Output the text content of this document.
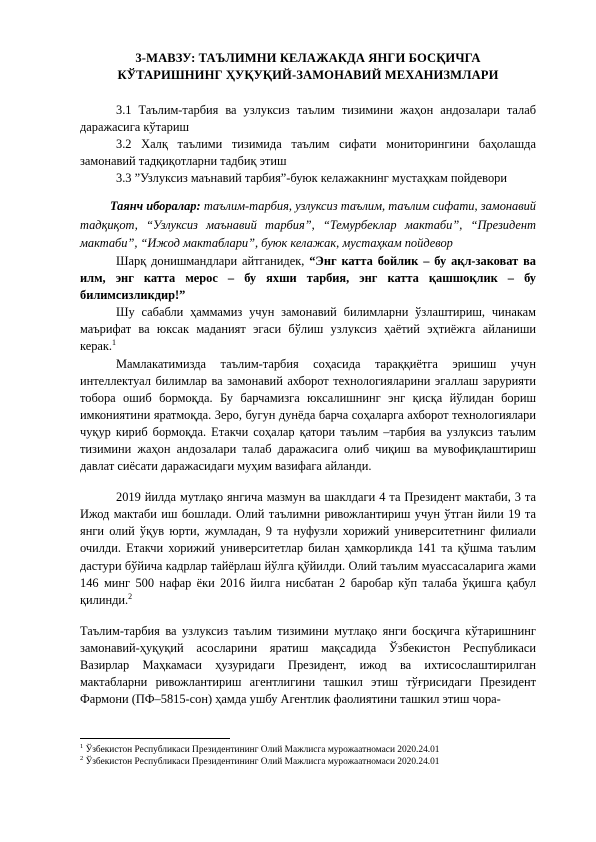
3-МАВЗУ: ТАЪЛИМНИ КЕЛАЖАКДА ЯНГИ БОСҚИЧГА
КЎТАРИШНИНГ ҲУҚУҚИЙ-ЗАМОНАВИЙ МЕХАНИЗМЛАРИ

3.1 Таълим-тарбия ва узлуксиз таълим тизимини жаҳон андозалари талаб даражасига кўтариш

3.2 Халқ таълими тизимида таълим сифати мониторингини баҳолашда замонавий тадқиқотларни тадбиқ этиш

3.3 ”Узлуксиз маънавий тарбия”-буюк келажакнинг мустаҳкам пойдевори

Таянч иборалар: таълим-тарбия, узлуксиз таълим, таълим сифати, замонавий тадқиқот, “Узлуксиз маънавий тарбия”, “Темурбеклар мактаби”, “Президент мактаби”, “Ижод мактаблари”, буюк келажак, мустаҳкам пойдевор

Шарқ донишмандлари айтганидек, “Энг катта бойлик – бу ақл-заковат ва илм, энг катта мерос – бу яхши тарбия, энг катта қашшоқлик – бу билимсизликдир!”

Шу сабабли ҳаммамиз учун замонавий билимларни ўзлаштириш, чинакам маърифат ва юксак маданият эгаси бўлиш узлуксиз ҳаётий эҳтиёжга айланиши керак.$^1$

Мамлакатимизда таълим-тарбия соҳасида тараққиётга эришиш учун интеллектуал билимлар ва замонавий ахборот технологияларини эгаллаш зарурияти тобора ошиб бормоқда. Бу барчамизга юксалишнинг энг қисқа йўлидан бориш имкониятини яратмоқда. Зеро, бугун дунёда барча соҳаларга ахборот технологиялари чуқур кириб бормоқда. Етакчи соҳалар қатори таълим –тарбия ва узлуксиз таълим тизимини жаҳон андозалари талаб даражасига олиб чиқиш ва мувофиқлаштириш давлат сиёсати даражасидаги муҳим вазифага айланди.

2019 йилда мутлақо янгича мазмун ва шаклдаги 4 та Президент мактаби, 3 та Ижод мактаби иш бошлади. Олий таълимни ривожлантириш учун ўтган йили 19 та янги олий ўқув юрти, жумладан, 9 та нуфузли хорижий университетнинг филиали очилди. Етакчи хорижий университетлар билан ҳамкорликда 141 та қўшма таълим дастури бўйича кадрлар тайёрлаш йўлга қўйилди. Олий таълим муассасаларига жами 146 минг 500 нафар ёки 2016 йилга нисбатан 2 баробар кўп талаба ўқишга қабул қилинди.$^2$

Таълим-тарбия ва узлуксиз таълим тизимини мутлақо янги босқичга кўтаришнинг замонавий-ҳуқуқий асосларини яратиш мақсадида Ўзбекистон Республикаси Вазирлар Маҳкамаси ҳузуридаги Президент, ижод ва ихтисослаштирилган мактабларни ривожлантириш агентлигини ташкил этиш тўғрисидаги Президент Фармони (ПФ–5815-сон) ҳамда ушбу Агентлик фаолиятини ташкил этиш чора-

$^1$ Ўзбекистон Республикаси Президентининг Олий Мажлисга мурожаатномаси 2020.24.01
$^2$ Ўзбекистон Республикаси Президентининг Олий Мажлисга мурожаатномаси 2020.24.01
